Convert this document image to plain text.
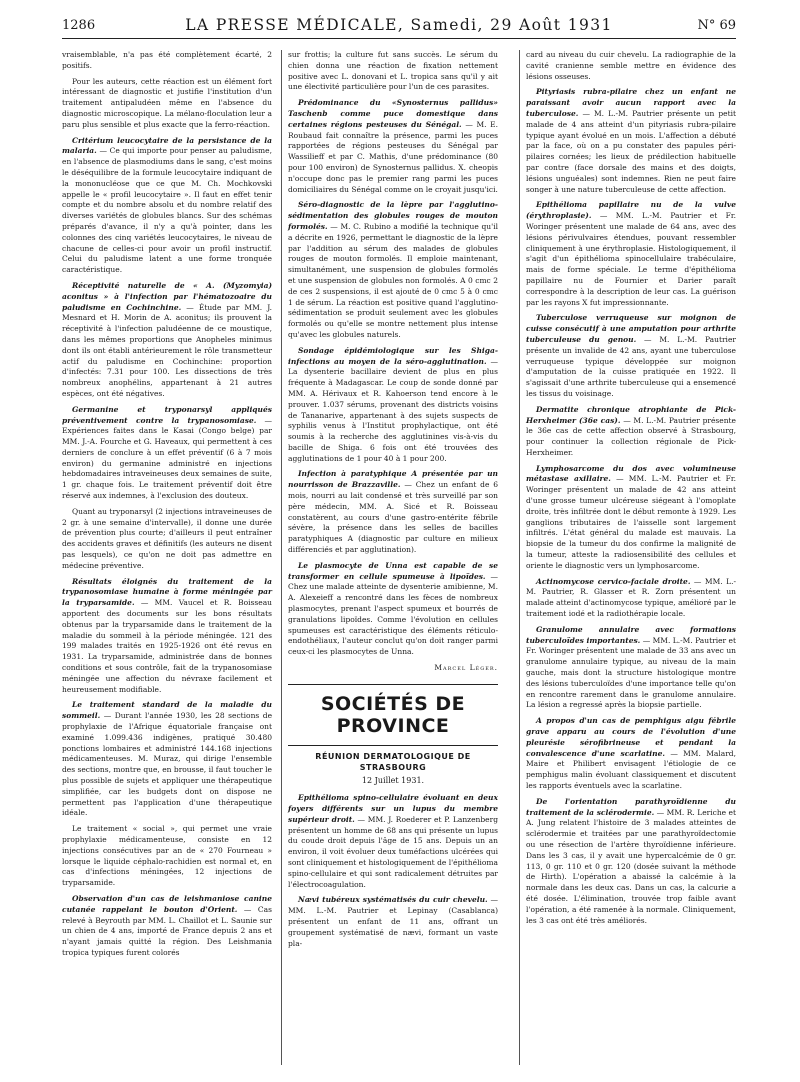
1286	LA PRESSE MÉDICALE, Samedi, 29 Août 1931	N° 69

vraisemblable, n'a pas été complètement écarté, 2 positifs.

Pour les auteurs, cette réaction est un élément fort intéressant de diagnostic et justifie l'institution d'un traitement antipaludéen même en l'absence du diagnostic microscopique. La mélano-floculation leur a paru plus sensible et plus exacte que la ferro-réaction.

Critérium leucocytaire de la persistance de la malaria. — Ce qui importe pour penser au paludisme, en l'absence de plasmodiums dans le sang, c'est moins le déséquilibre de la formule leucocytaire indiquant de la mononucléose que ce que M. Ch. Mochkovski appelle le « profil leucocytaire ». Il faut en effet tenir compte et du nombre absolu et du nombre relatif des diverses variétés de globules blancs. Sur des schémas préparés d'avance, il n'y a qu'à pointer, dans les colonnes des cinq variétés leucocytaires, le niveau de chacune de celles-ci pour avoir un profil instructif. Celui du paludisme latent a une forme tronquée caractéristique.

Réceptivité naturelle de « A. (Myzomyia) aconitus » à l'infection par l'hématozoaire du paludisme en Cochinchine. — Étude par MM. J. Mesnard et H. Morin de A. aconitus; ils prouvent la réceptivité à l'infection paludéenne de ce moustique, dans les mêmes proportions que Anopheles minimus dont ils ont établi antérieurement le rôle transmetteur actif du paludisme en Cochinchine: proportion d'infectés: 7.31 pour 100. Les dissections de très nombreux anophélins, appartenant à 21 autres espèces, ont été négatives.

Germanine et tryponarsyl appliqués préventivement contre la trypanosomiase. — Expériences faites dans le Kasai (Congo belge) par MM. J.-A. Fourche et G. Haveaux, qui permettent à ces derniers de conclure à un effet préventif (6 à 7 mois environ) du germanine administré en injections hebdomadaires intraveineuses deux semaines de suite, 1 gr. chaque fois. Le traitement préventif doit être réservé aux indemnes, à l'exclusion des douteux.

Quant au tryponarsyl (2 injections intraveineuses de 2 gr. à une semaine d'intervalle), il donne une durée de prévention plus courte; d'ailleurs il peut entraîner des accidents graves et définitifs (les auteurs ne disent pas lesquels), ce qu'on ne doit pas admettre en médecine préventive.

Résultats éloignés du traitement de la trypanosomiase humaine à forme méningée par la tryparsamide. — MM. Vaucel et R. Boisseau apportent des documents sur les bons résultats obtenus par la tryparsamide dans le traitement de la maladie du sommeil à la période méningée. 121 des 199 malades traités en 1925-1926 ont été revus en 1931. La tryparsamide, administrée dans de bonnes conditions et sous contrôle, fait de la trypanosomiase méningée une affection du névraxe facilement et heureusement modifiable.

Le traitement standard de la maladie du sommeil. — Durant l'année 1930, les 28 sections de prophylaxie de l'Afrique équatoriale française ont examiné 1.099.436 indigènes, pratiqué 30.480 ponctions lombaires et administré 144.168 injections médicamenteuses. M. Muraz, qui dirige l'ensemble des sections, montre que, en brousse, il faut toucher le plus possible de sujets et appliquer une thérapeutique simplifiée, car les budgets dont on dispose ne permettent pas l'application d'une thérapeutique idéale.

Le traitement « social », qui permet une vraie prophylaxie médicamenteuse, consiste en 12 injections consécutives par an de « 270 Fourneau » lorsque le liquide céphalo-rachidien est normal et, en cas d'infections méningées, 12 injections de tryparsamide.

Observation d'un cas de leishmaniose canine cutanée rappelant le bouton d'Orient. — Cas relevé à Beyrouth par MM. L. Chaillot et L. Saunie sur un chien de 4 ans, importé de France depuis 2 ans et n'ayant jamais quitté la région. Des Leishmania tropica typiques furent colorés

sur frottis; la culture fut sans succès. Le sérum du chien donna une réaction de fixation nettement positive avec L. donovani et L. tropica sans qu'il y ait une électivité particulière pour l'un de ces parasites.

Prédominance du «Synosternus pallidus» Taschenb comme puce domestique dans certaines régions pesteuses du Sénégal. — M. E. Roubaud fait connaître la présence, parmi les puces rapportées de régions pesteuses du Sénégal par Wassilieff et par C. Mathis, d'une prédominance (80 pour 100 environ) de Synosternus pallidus. X. cheopis n'occupe donc pas le premier rang parmi les puces domiciliaires du Sénégal comme on le croyait jusqu'ici.

Séro-diagnostic de la lèpre par l'agglutino-sédimentation des globules rouges de mouton formolés. — M. C. Rubino a modifié la technique qu'il a décrite en 1926, permettant le diagnostic de la lèpre par l'addition au sérum des malades de globules rouges de mouton formolés. Il emploie maintenant, simultanément, une suspension de globules formolés et une suspension de globules non formolés. A 0 cmc 2 de ces 2 suspensions, il est ajouté de 0 cmc 5 à 0 cmc 1 de sérum. La réaction est positive quand l'agglutino-sédimentation se produit seulement avec les globules formolés ou qu'elle se montre nettement plus intense qu'avec les globules naturels.

Sondage épidémiologique sur les Shiga-infections au moyen de la séro-agglutination. — La dysenterie bacillaire devient de plus en plus fréquente à Madagascar. Le coup de sonde donné par MM. A. Hérivaux et R. Kahoerson tend encore à le prouver. 1.037 sérums, provenant des districts voisins de Tananarive, appartenant à des sujets suspects de syphilis venus à l'Institut prophylactique, ont été soumis à la recherche des agglutinines vis-à-vis du bacille de Shiga. 6 fois ont été trouvées des agglutinations de 1 pour 40 à 1 pour 200.

Infection à paratyphique A présentée par un nourrisson de Brazzaville. — Chez un enfant de 6 mois, nourri au lait condensé et très surveillé par son père médecin, MM. A. Sicé et R. Boisseau constatèrent, au cours d'une gastro-entérite fébrile sévère, la présence dans les selles de bacilles paratyphiques A (diagnostic par culture en milieux différenciés et par agglutination).

Le plasmocyte de Unna est capable de se transformer en cellule spumeuse à lipoïdes. — Chez une malade atteinte de dysenterie amibienne, M. A. Alexeieff a rencontré dans les fèces de nombreux plasmocytes, prenant l'aspect spumeux et bourrés de granulations lipoïdes. Comme l'évolution en cellules spumeuses est caractéristique des éléments réticulo-endothéliaux, l'auteur conclut qu'on doit ranger parmi ceux-ci les plasmocytes de Unna.

Marcel Léger.
SOCIÉTÉS DE PROVINCE
RÉUNION DERMATOLOGIQUE DE STRASBOURG
12 Juillet 1931.

Epithélioma spino-cellulaire évoluant en deux foyers différents sur un lupus du membre supérieur droit. — MM. J. Roederer et P. Lanzenberg présentent un homme de 68 ans qui présente un lupus du coude droit depuis l'âge de 15 ans. Depuis un an environ, il voit évoluer deux tuméfactions ulcérées qui sont cliniquement et histologiquement de l'épithélioma spino-cellulaire et qui sont radicalement détruites par l'électrocoagulation.

Nævi tubéreux systématisés du cuir chevelu. — MM. L.-M. Pautrier et Lepinay (Casablanca) présentent un enfant de 11 ans, offrant un groupement systématisé de nævi, formant un vaste pla-

card au niveau du cuir chevelu. La radiographie de la cavité cranienne semble mettre en évidence des lésions osseuses.

Pityriasis rubra-pilaire chez un enfant ne paraissant avoir aucun rapport avec la tuberculose. — M. L.-M. Pautrier présente un petit malade de 4 ans atteint d'un pityriasis rubra-pilaire typique ayant évolué en un mois. L'affection a débuté par la face, où on a pu constater des papules péri-pilaires cornées; les lieux de prédilection habituelle par contre (face dorsale des mains et des doigts, lésions unguéales) sont indemnes. Rien ne peut faire songer à une nature tuberculeuse de cette affection.

Epithélioma papillaire nu de la vulve (érythroplasie). — MM. L.-M. Pautrier et Fr. Woringer présentent une malade de 64 ans, avec des lésions périvulvaires étendues, pouvant ressembler cliniquement à une érythroplasie. Histologiquement, il s'agit d'un épithélioma spinocellulaire trabéculaire, mais de forme spéciale. Le terme d'épithélioma papillaire nu de Fournier et Darier paraît correspondre à la description de leur cas. La guérison par les rayons X fut impressionnante.

Tuberculose verruqueuse sur moignon de cuisse consécutif à une amputation pour arthrite tuberculeuse du genou. — M. L.-M. Pautrier présente un invalide de 42 ans, ayant une tuberculose verruqueuse typique développée sur moignon d'amputation de la cuisse pratiquée en 1922. Il s'agissait d'une arthrite tuberculeuse qui a ensemencé les tissus du voisinage.

Dermatite chronique atrophiante de Pick-Herxheimer (36e cas). — M. L.-M. Pautrier présente le 36e cas de cette affection observé à Strasbourg, pour continuer la collection régionale de Pick-Herxheimer.

Lymphosarcome du dos avec volumineuse métastase axillaire. — MM. L.-M. Pautrier et Fr. Woringer présentent un malade de 42 ans atteint d'une grosse tumeur ulcéreuse siégeant à l'omoplate droite, très infiltrée dont le début remonte à 1929. Les ganglions tributaires de l'aisselle sont largement infiltrés. L'état général du malade est mauvais. La biopsie de la tumeur du dos confirme la malignité de la tumeur, atteste la radiosensibilité des cellules et oriente le diagnostic vers un lymphosarcome.

Actinomycose cervico-faciale droite. — MM. L.-M. Pautrier, R. Glasser et R. Zorn présentent un malade atteint d'actinomycose typique, amélioré par le traitement iodé et la radiothérapie locale.

Granulome annulaire avec formations tuberculoïdes importantes. — MM. L.-M. Pautrier et Fr. Woringer présentent une malade de 33 ans avec un granulome annulaire typique, au niveau de la main gauche, mais dont la structure histologique montre des lésions tuberculoïdes d'une importance telle qu'on en rencontre rarement dans le granulome annulaire. La lésion a regressé après la biopsie partielle.

A propos d'un cas de pemphigus aigu fébrile grave apparu au cours de l'évolution d'une pleurésie sérofibrineuse et pendant la convalescence d'une scarlatine. — MM. Malard, Maire et Philibert envisagent l'étiologie de ce pemphigus malin évoluant classiquement et discutent les rapports éventuels avec la scarlatine.

De l'orientation parathyroïdienne du traitement de la sclérodermie. — MM. R. Leriche et A. Jung relatent l'histoire de 3 malades atteintes de sclérodermie et traitées par une parathyroïdectomie ou une résection de l'artère thyroïdienne inférieure. Dans les 3 cas, il y avait une hypercalcémie de 0 gr. 113, 0 gr. 110 et 0 gr. 120 (dosée suivant la méthode de Hirth). L'opération a abaissé la calcémie à la normale dans les deux cas. Dans un cas, la calcurie a été dosée. L'élimination, trouvée trop faible avant l'opération, a été ramenée à la normale. Cliniquement, les 3 cas ont été très améliorés.
